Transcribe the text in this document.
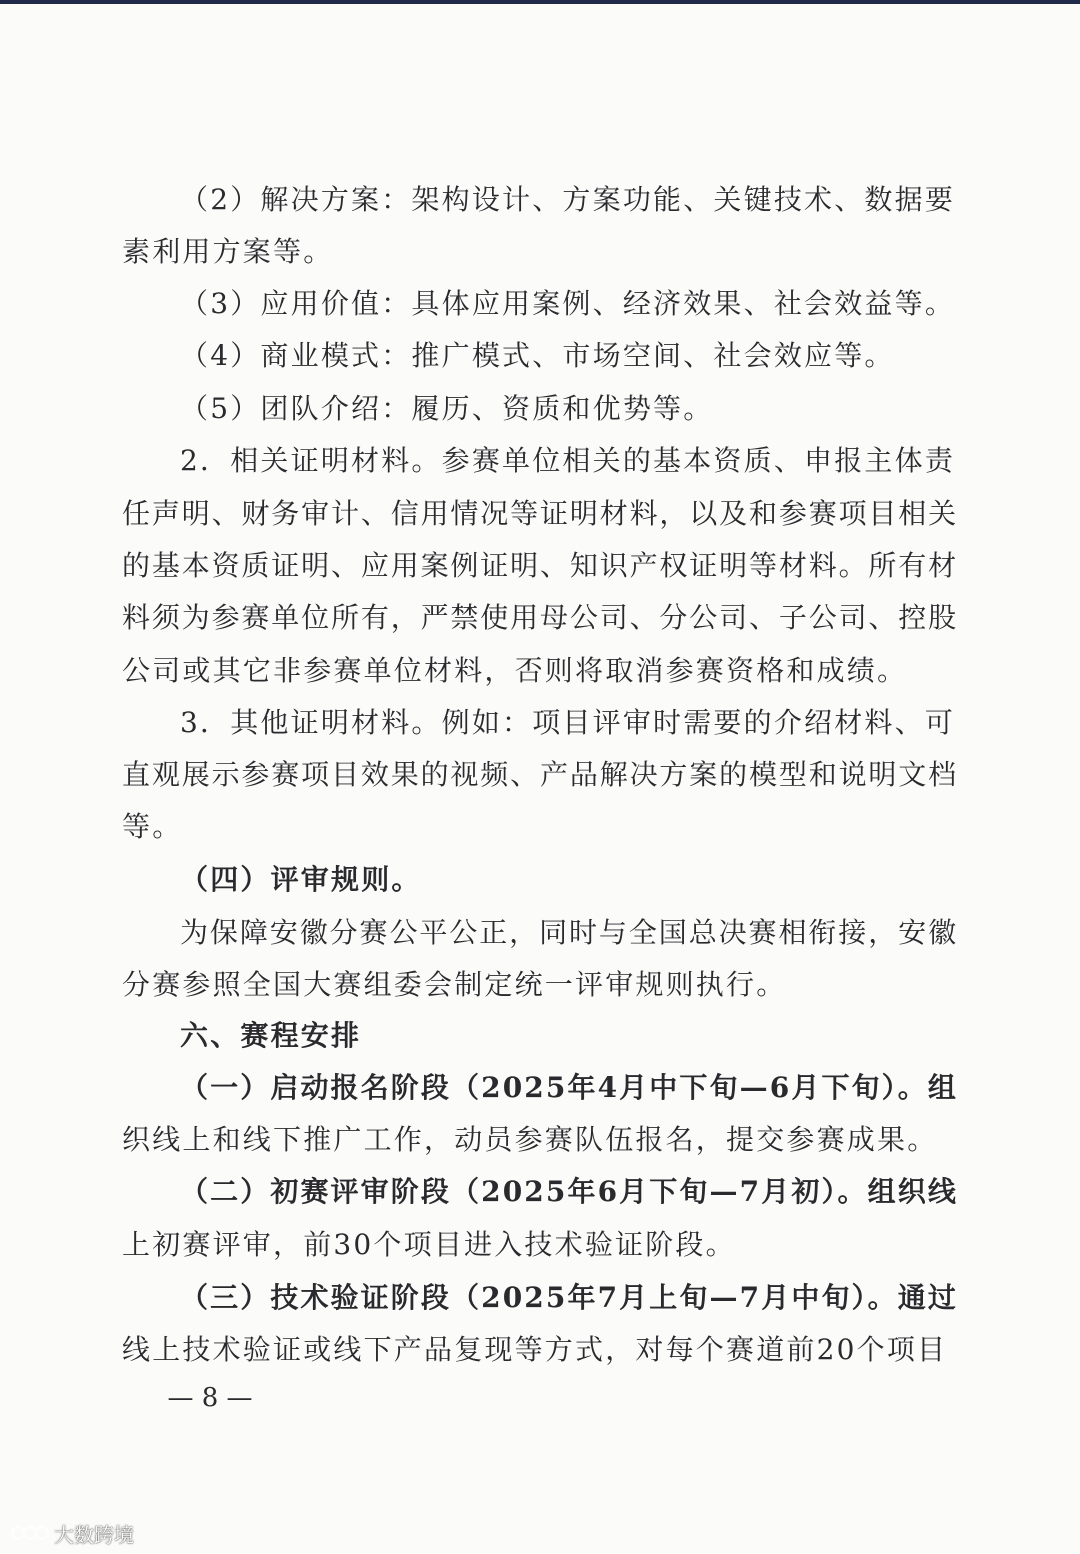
（2）解决方案：架构设计、方案功能、关键技术、数据要
素利用方案等。
（3）应用价值：具体应用案例、经济效果、社会效益等。
（4）商业模式：推广模式、市场空间、社会效应等。
（5）团队介绍：履历、资质和优势等。
2．相关证明材料。参赛单位相关的基本资质、申报主体责
任声明、财务审计、信用情况等证明材料，以及和参赛项目相关
的基本资质证明、应用案例证明、知识产权证明等材料。所有材
料须为参赛单位所有，严禁使用母公司、分公司、子公司、控股
公司或其它非参赛单位材料，否则将取消参赛资格和成绩。
3．其他证明材料。例如：项目评审时需要的介绍材料、可
直观展示参赛项目效果的视频、产品解决方案的模型和说明文档
等。
（四）评审规则。
为保障安徽分赛公平公正，同时与全国总决赛相衔接，安徽
分赛参照全国大赛组委会制定统一评审规则执行。
六、赛程安排
（一）启动报名阶段（2025年4月中下旬—6月下旬）。组
织线上和线下推广工作，动员参赛队伍报名，提交参赛成果。
（二）初赛评审阶段（2025年6月下旬—7月初）。组织线
上初赛评审，前30个项目进入技术验证阶段。
（三）技术验证阶段（2025年7月上旬—7月中旬）。通过
线上技术验证或线下产品复现等方式，对每个赛道前20个项目
— 8 —
大数跨境
